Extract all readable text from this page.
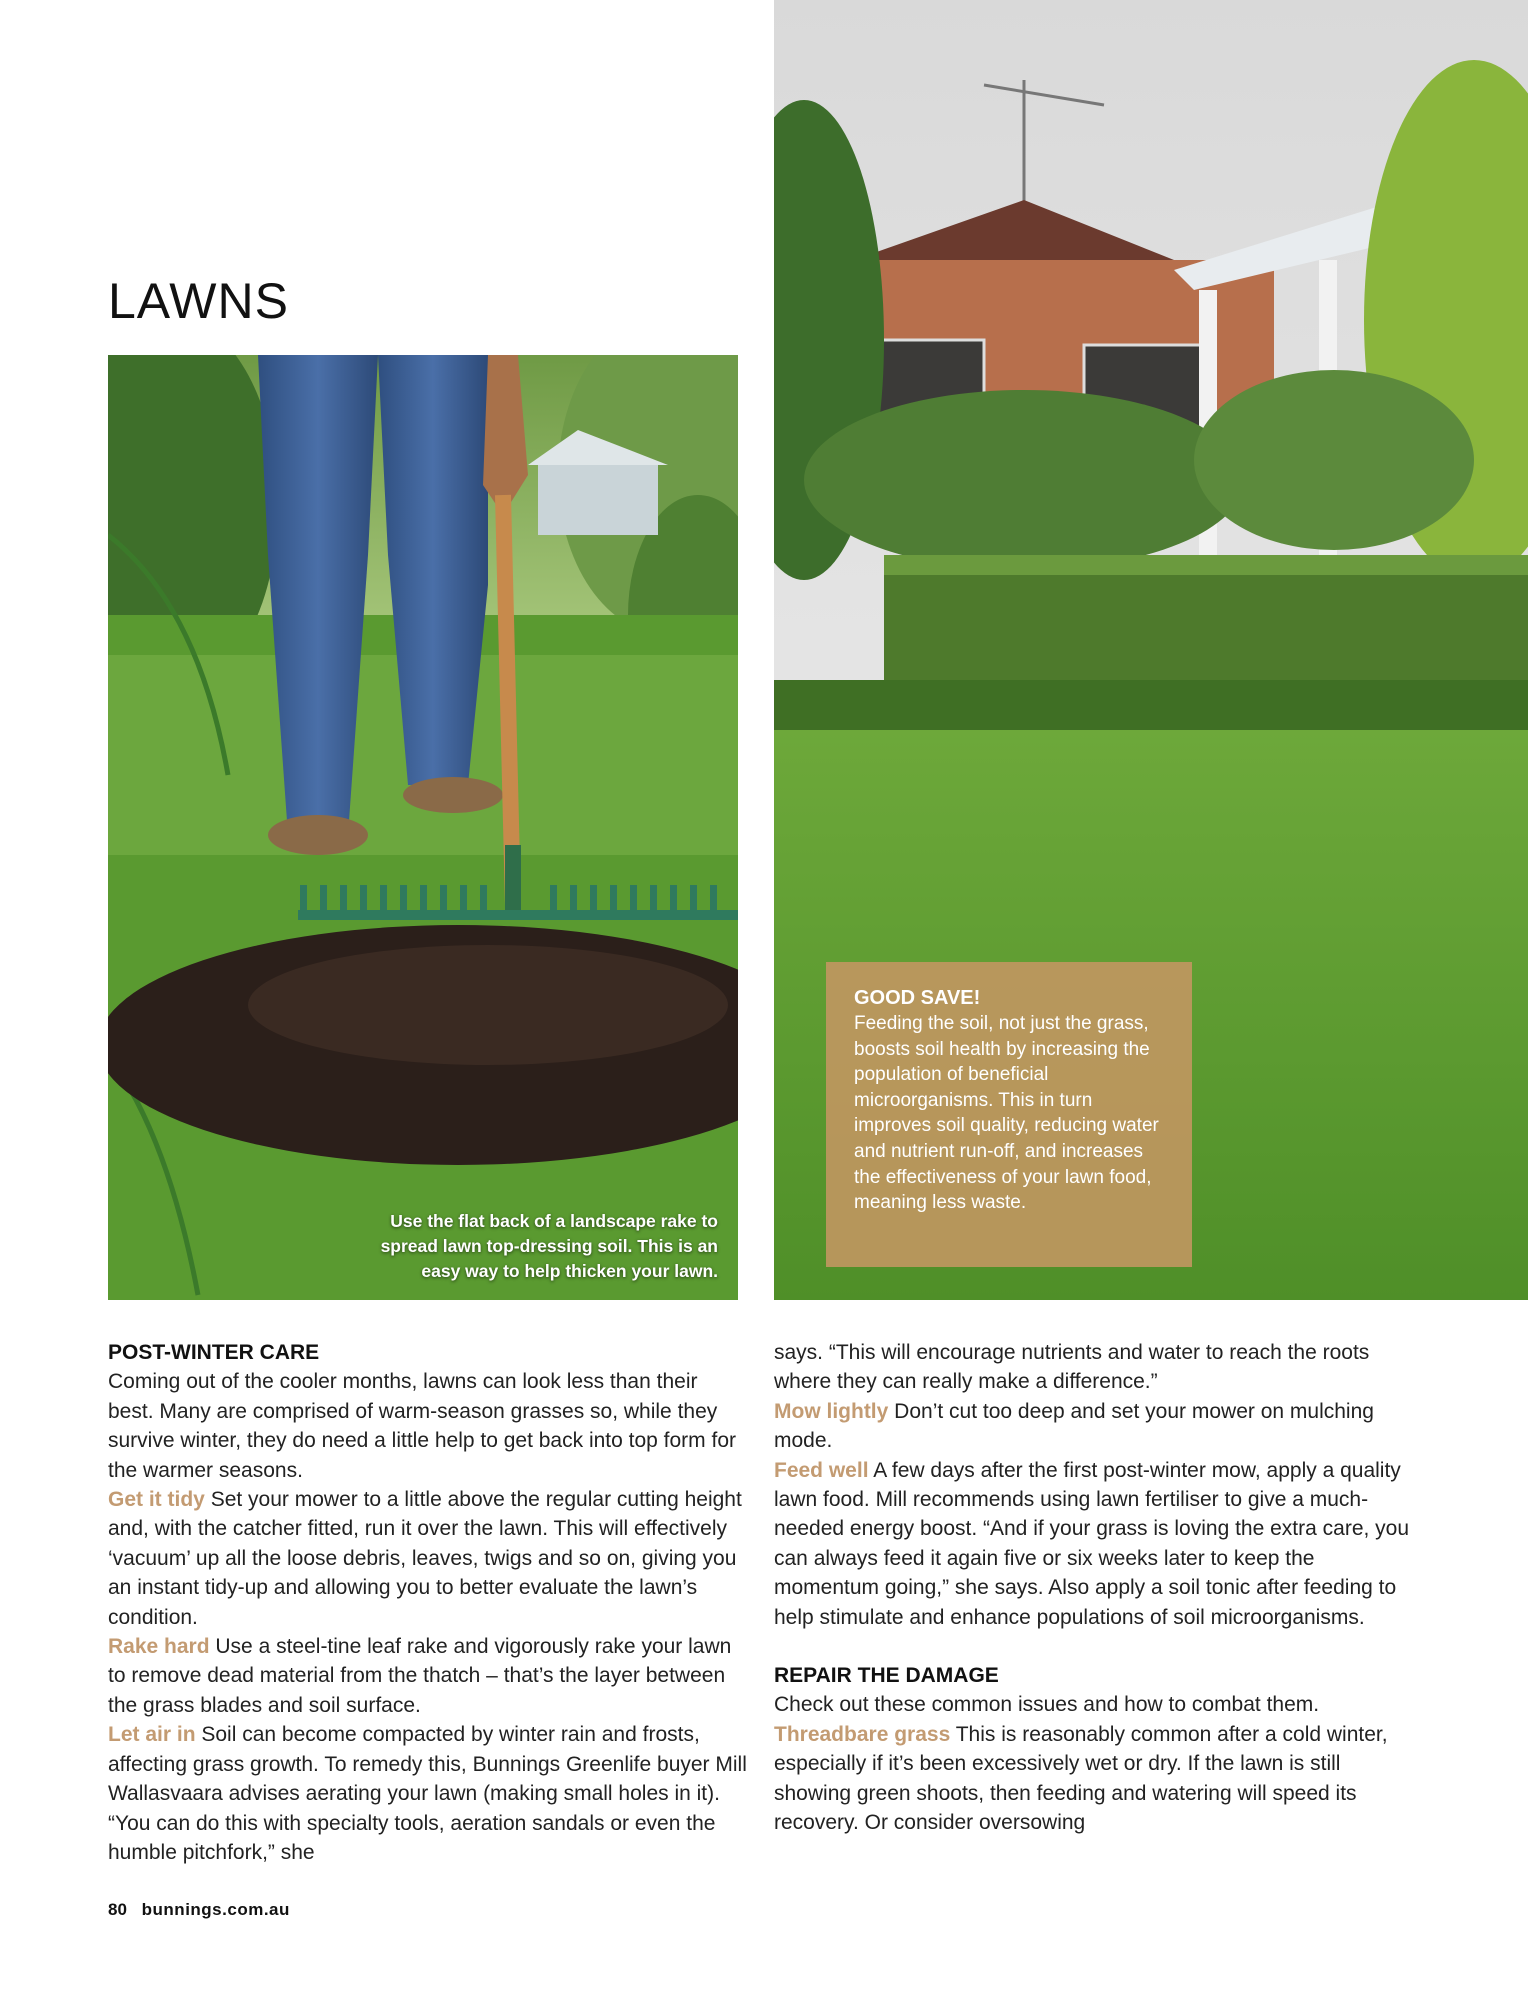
LAWNS
Use the flat back of a landscape rake to spread lawn top-dressing soil. This is an easy way to help thicken your lawn.
GOOD SAVE!
Feeding the soil, not just the grass, boosts soil health by increasing the population of beneficial microorganisms. This in turn improves soil quality, reducing water and nutrient run-off, and increases the effectiveness of your lawn food, meaning less waste.

POST-WINTER CARE

Coming out of the cooler months, lawns can look less than their best. Many are comprised of warm-season grasses so, while they survive winter, they do need a little help to get back into top form for the warmer seasons.

Get it tidy Set your mower to a little above the regular cutting height and, with the catcher fitted, run it over the lawn. This will effectively ‘vacuum’ up all the loose debris, leaves, twigs and so on, giving you an instant tidy-up and allowing you to better evaluate the lawn’s condition.

Rake hard Use a steel-tine leaf rake and vigorously rake your lawn to remove dead material from the thatch – that’s the layer between the grass blades and soil surface.

Let air in Soil can become compacted by winter rain and frosts, affecting grass growth. To remedy this, Bunnings Greenlife buyer Mill Wallasvaara advises aerating your lawn (making small holes in it). “You can do this with specialty tools, aeration sandals or even the humble pitchfork,” she

says. “This will encourage nutrients and water to reach the roots where they can really make a difference.”

Mow lightly Don’t cut too deep and set your mower on mulching mode.

Feed well A few days after the first post-winter mow, apply a quality lawn food. Mill recommends using lawn fertiliser to give a much-needed energy boost. “And if your grass is loving the extra care, you can always feed it again five or six weeks later to keep the momentum going,” she says. Also apply a soil tonic after feeding to help stimulate and enhance populations of soil microorganisms.

REPAIR THE DAMAGE

Check out these common issues and how to combat them.

Threadbare grass This is reasonably common after a cold winter, especially if it’s been excessively wet or dry. If the lawn is still showing green shoots, then feeding and watering will speed its recovery. Or consider oversowing

80 bunnings.com.au
